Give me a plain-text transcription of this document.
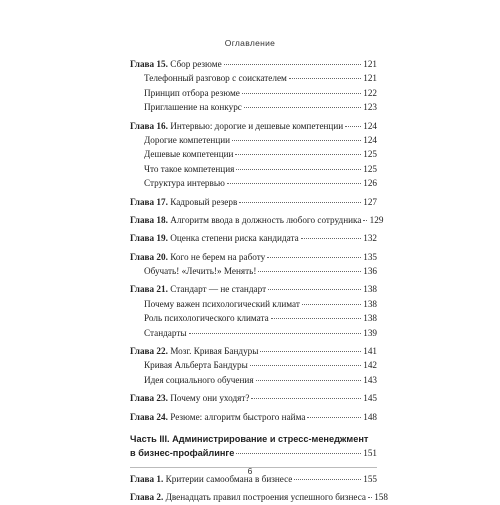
Оглавление
Глава 15. Сбор резюме	121
Телефонный разговор с соискателем	121
Принцип отбора резюме	122
Приглашение на конкурс	123
Глава 16. Интервью: дорогие и дешевые компетенции 124
Дорогие компетенции	124
Дешевые компетенции	125
Что такое компетенция	125
Структура интервью	126
Глава 17. Кадровый резерв	127
Глава 18. Алгоритм ввода в должность любого сотрудника 129
Глава 19. Оценка степени риска кандидата	132
Глава 20. Кого не берем на работу	135
Обучать! «Лечить!» Менять!	136
Глава 21. Стандарт — не стандарт	138
Почему важен психологический климат	138
Роль психологического климата	138
Стандарты	139
Глава 22. Мозг. Кривая Бандуры	141
Кривая Альберта Бандуры	142
Идея социального обучения	143
Глава 23. Почему они уходят?	145
Глава 24. Резюме: алгоритм быстрого найма	148
Часть III. Администрирование и стресс-менеджмент
в бизнес-профайлинге	151
Глава 1. Критерии самообмана в бизнесе	155
Глава 2. Двенадцать правил построения успешного бизнеса 158
6
